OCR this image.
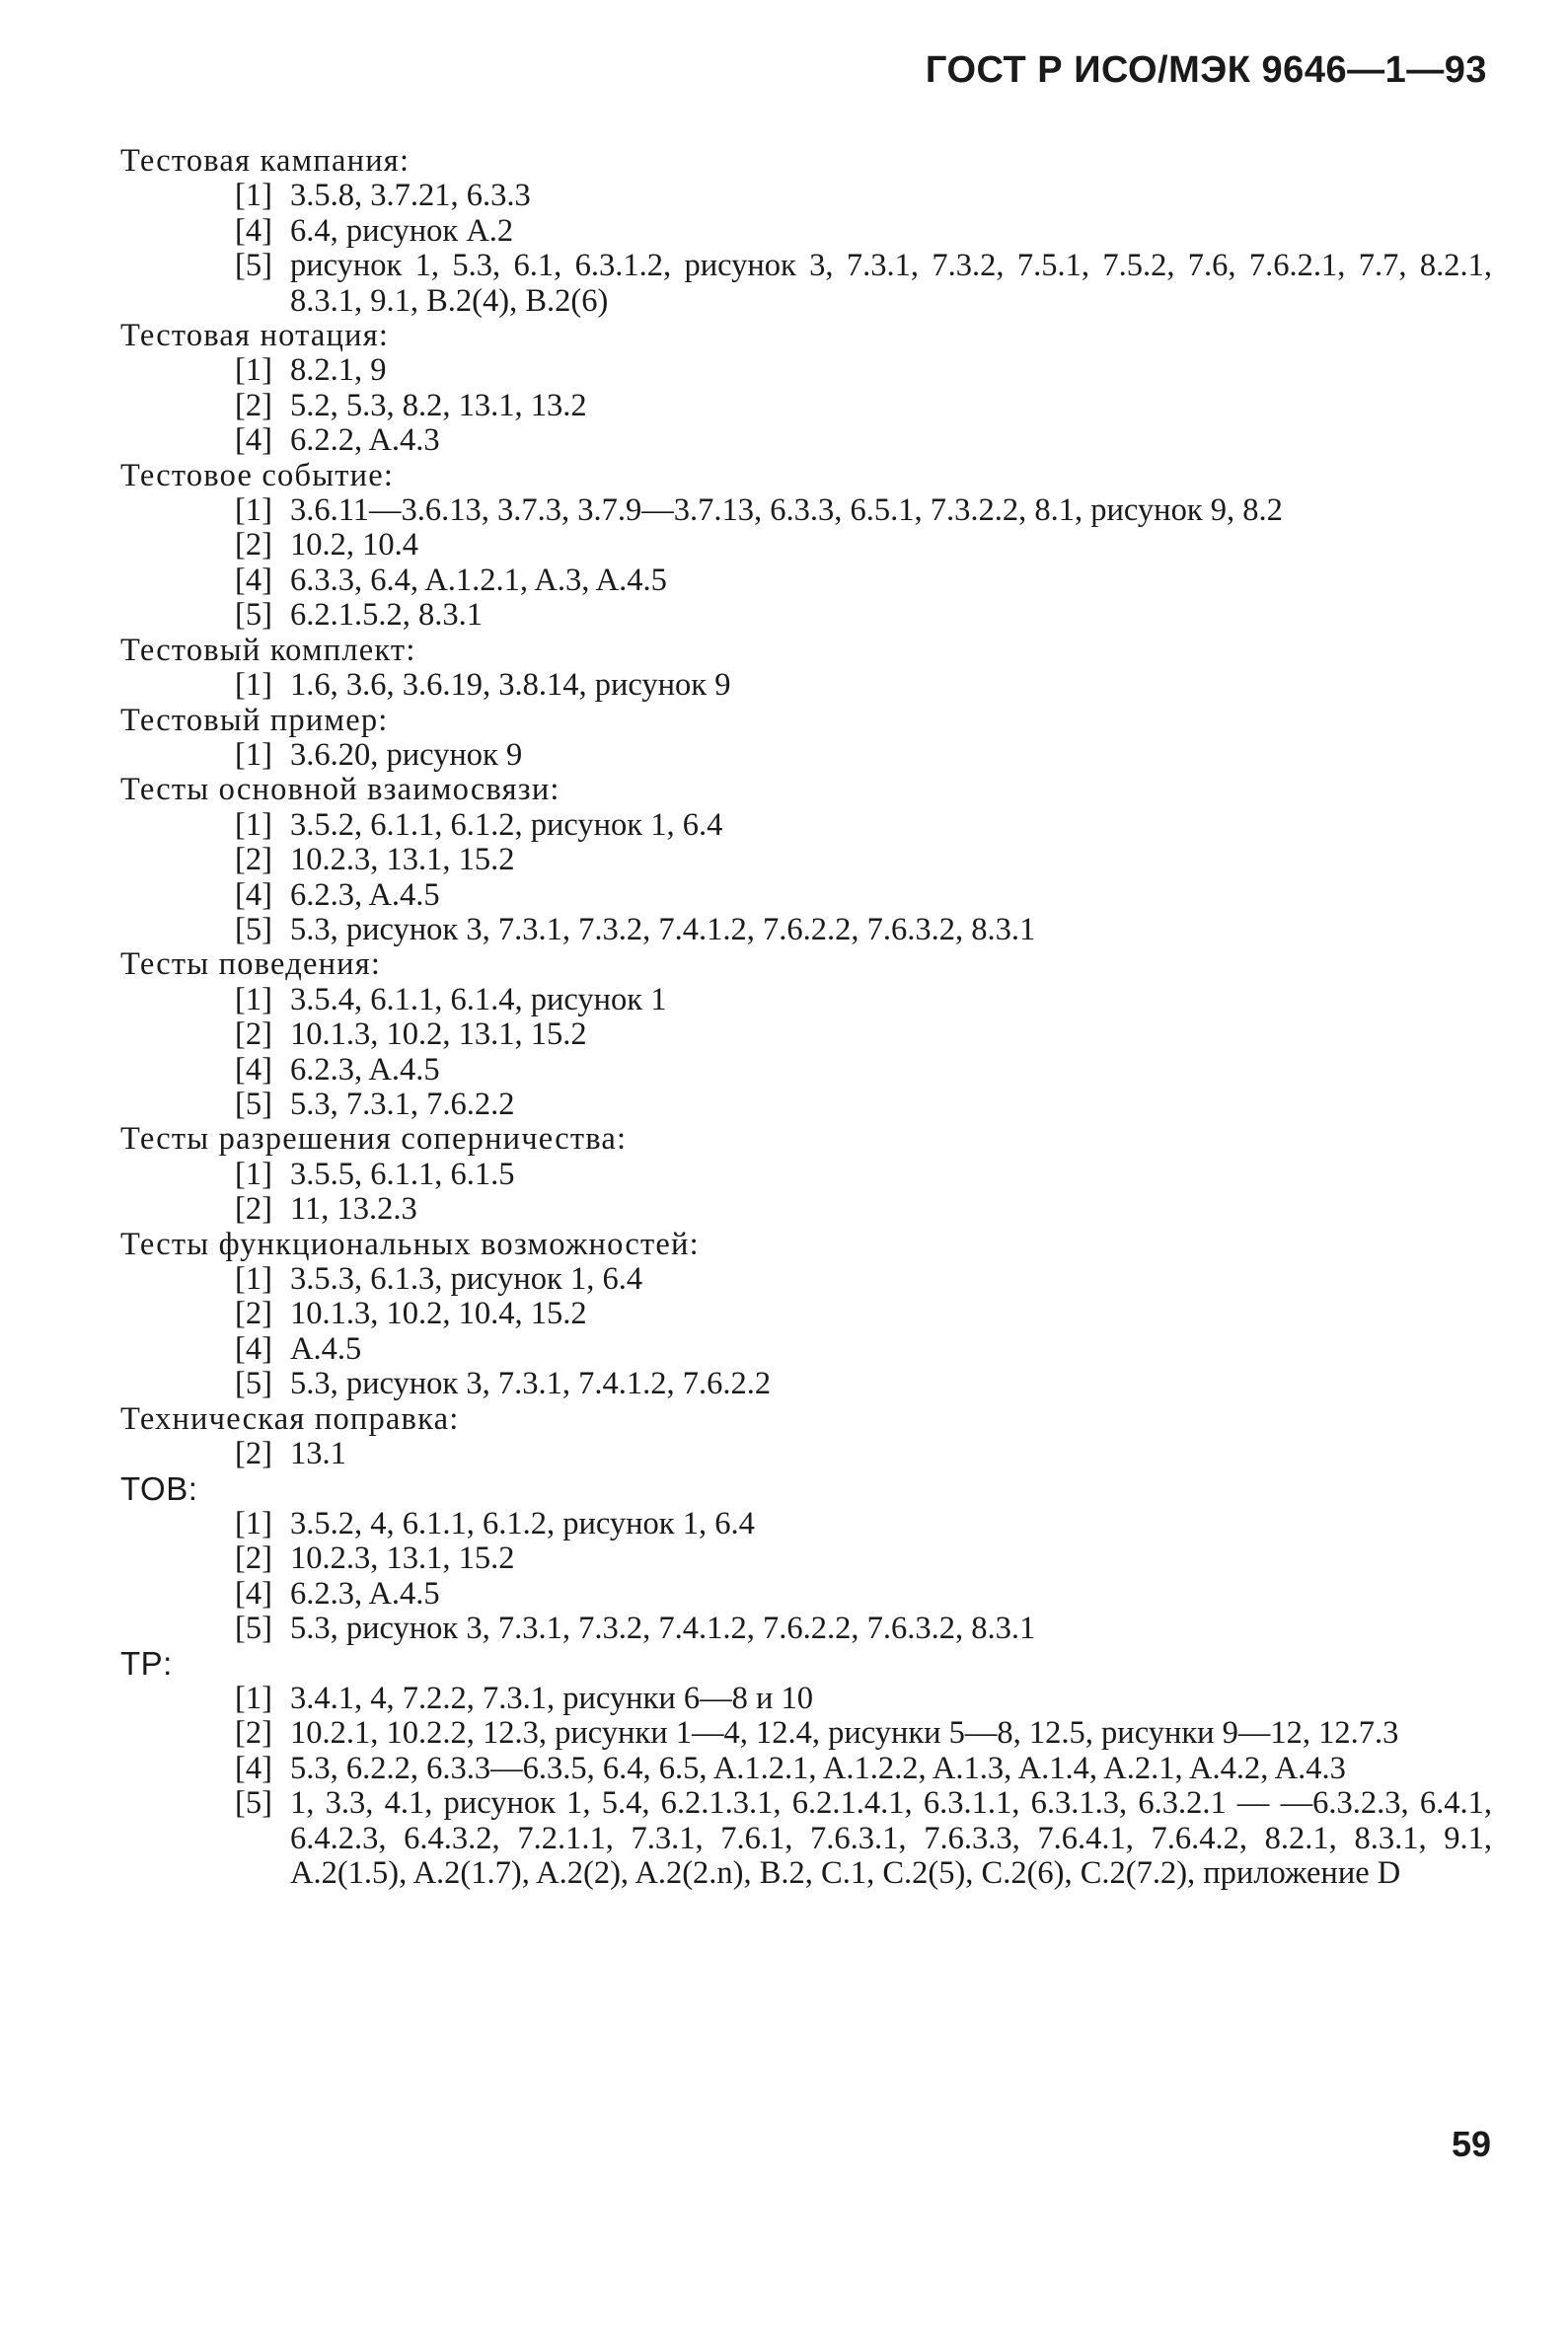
ГОСТ Р ИСО/МЭК 9646—1—93
Тестовая кампания:
[1] 3.5.8, 3.7.21, 6.3.3
[4] 6.4, рисунок A.2
[5] рисунок 1, 5.3, 6.1, 6.3.1.2, рисунок 3, 7.3.1, 7.3.2, 7.5.1, 7.5.2, 7.6, 7.6.2.1, 7.7, 8.2.1, 8.3.1, 9.1, B.2(4), B.2(6)
Тестовая нотация:
[1] 8.2.1, 9
[2] 5.2, 5.3, 8.2, 13.1, 13.2
[4] 6.2.2, A.4.3
Тестовое событие:
[1] 3.6.11—3.6.13, 3.7.3, 3.7.9—3.7.13, 6.3.3, 6.5.1, 7.3.2.2, 8.1, рисунок 9, 8.2
[2] 10.2, 10.4
[4] 6.3.3, 6.4, A.1.2.1, A.3, A.4.5
[5] 6.2.1.5.2, 8.3.1
Тестовый комплект:
[1] 1.6, 3.6, 3.6.19, 3.8.14, рисунок 9
Тестовый пример:
[1] 3.6.20, рисунок 9
Тесты основной взаимосвязи:
[1] 3.5.2, 6.1.1, 6.1.2, рисунок 1, 6.4
[2] 10.2.3, 13.1, 15.2
[4] 6.2.3, A.4.5
[5] 5.3, рисунок 3, 7.3.1, 7.3.2, 7.4.1.2, 7.6.2.2, 7.6.3.2, 8.3.1
Тесты поведения:
[1] 3.5.4, 6.1.1, 6.1.4, рисунок 1
[2] 10.1.3, 10.2, 13.1, 15.2
[4] 6.2.3, A.4.5
[5] 5.3, 7.3.1, 7.6.2.2
Тесты разрешения соперничества:
[1] 3.5.5, 6.1.1, 6.1.5
[2] 11, 13.2.3
Тесты функциональных возможностей:
[1] 3.5.3, 6.1.3, рисунок 1, 6.4
[2] 10.1.3, 10.2, 10.4, 15.2
[4] A.4.5
[5] 5.3, рисунок 3, 7.3.1, 7.4.1.2, 7.6.2.2
Техническая поправка:
[2] 13.1
TOB:
[1] 3.5.2, 4, 6.1.1, 6.1.2, рисунок 1, 6.4
[2] 10.2.3, 13.1, 15.2
[4] 6.2.3, A.4.5
[5] 5.3, рисунок 3, 7.3.1, 7.3.2, 7.4.1.2, 7.6.2.2, 7.6.3.2, 8.3.1
TP:
[1] 3.4.1, 4, 7.2.2, 7.3.1, рисунки 6—8 и 10
[2] 10.2.1, 10.2.2, 12.3, рисунки 1—4, 12.4, рисунки 5—8, 12.5, рисунки 9—12, 12.7.3
[4] 5.3, 6.2.2, 6.3.3—6.3.5, 6.4, 6.5, A.1.2.1, A.1.2.2, A.1.3, A.1.4, A.2.1, A.4.2, A.4.3
[5] 1, 3.3, 4.1, рисунок 1, 5.4, 6.2.1.3.1, 6.2.1.4.1, 6.3.1.1, 6.3.1.3, 6.3.2.1 — —6.3.2.3, 6.4.1, 6.4.2.3, 6.4.3.2, 7.2.1.1, 7.3.1, 7.6.1, 7.6.3.1, 7.6.3.3, 7.6.4.1, 7.6.4.2, 8.2.1, 8.3.1, 9.1, A.2(1.5), A.2(1.7), A.2(2), A.2(2.n), B.2, C.1, C.2(5), C.2(6), C.2(7.2), приложение D
59
